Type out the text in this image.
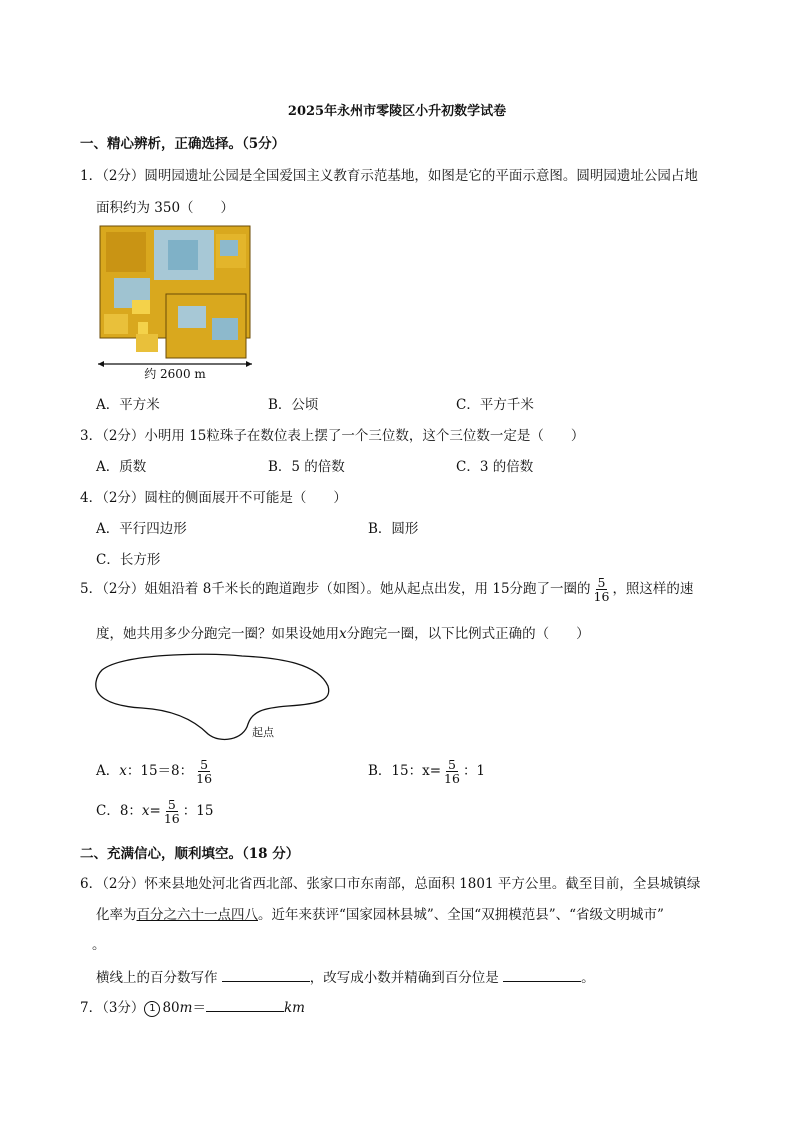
2025年永州市零陵区小升初数学试卷
一、精心辨析，正确选择。（5分）
1．（2分）圆明园遗址公园是全国爱国主义教育示范基地，如图是它的平面示意图。圆明园遗址公园占地
面积约为 350（　　）
约 2600 m
A．平方米	B．公顷	C．平方千米
3．（2分）小明用 15粒珠子在数位表上摆了一个三位数，这个三位数一定是（　　）
A．质数	B．5 的倍数	C．3 的倍数
4．（2分）圆柱的侧面展开不可能是（　　）
A．平行四边形	B．圆形
C．长方形
5．（2分）姐姐沿着 8千米长的跑道跑步（如图）。她从起点出发，用 15分跑了一圈的 $\frac{5}{16}$ ，照这样的速
度，她共用多少分跑完一圈？如果设她用x分跑完一圈，以下比例式正确的（　　）
起点
A．x：15＝8： $\frac{5}{16}$	B．15：$x= \frac{5}{16}$ ：1
C．8：$x= \frac{5}{16}$ ：15
二、充满信心，顺利填空。（18 分）
6．（2分）怀来县地处河北省西北部、张家口市东南部，总面积 1801 平方公里。截至目前，全县城镇绿
化率为百分之六十一点四八。近年来获评“国家园林县城”、全国“双拥模范县”、“省级文明城市”
。
横线上的百分数写作	，改写成小数并精确到百分位是	。
7．（3分） 1 80m＝	km
